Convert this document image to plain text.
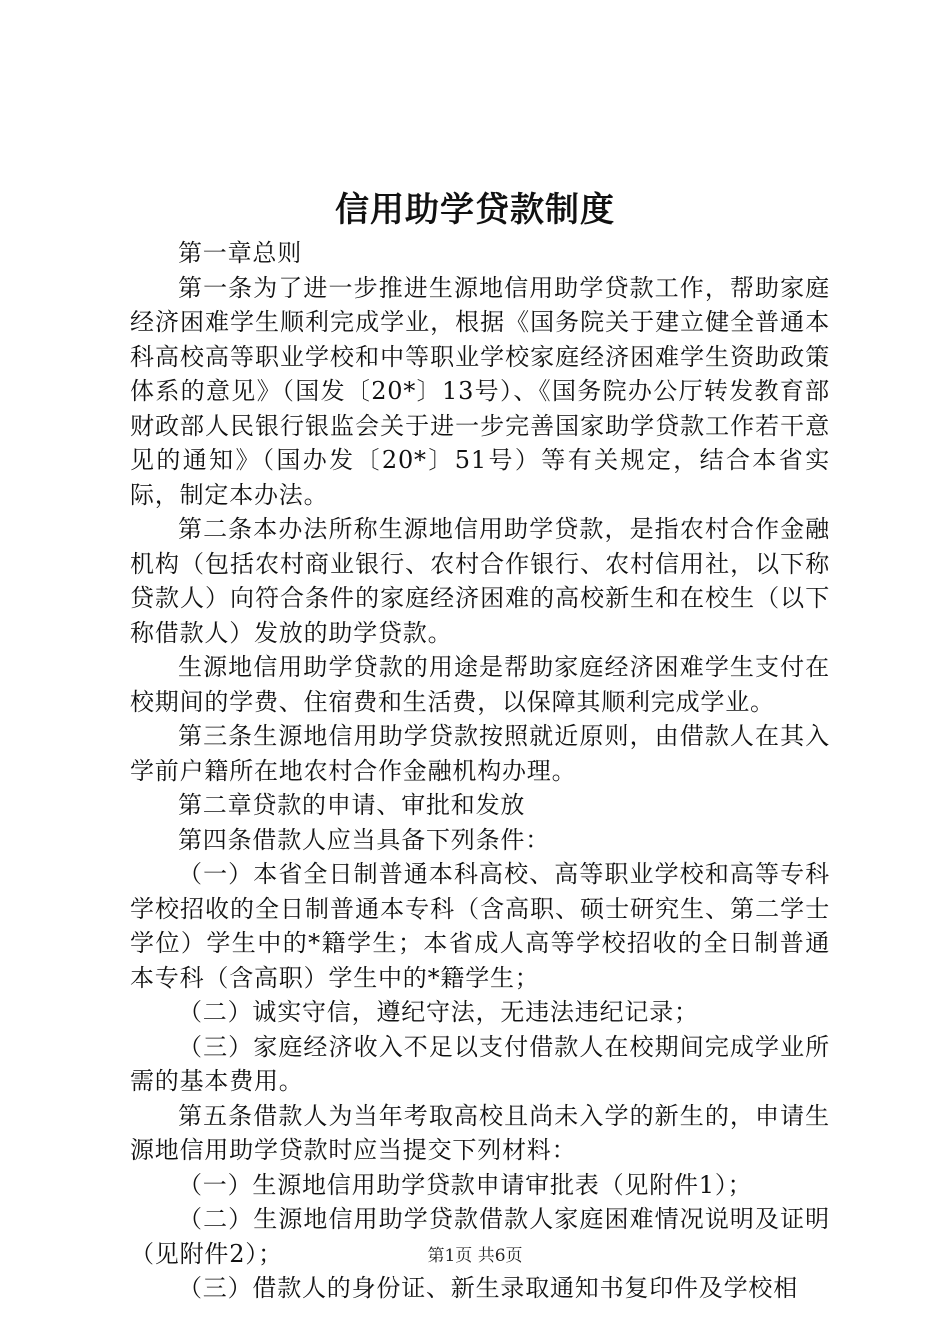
信用助学贷款制度

第一章总则

第一条为了进一步推进生源地信用助学贷款工作，帮助家庭经济困难学生顺利完成学业，根据《国务院关于建立健全普通本科高校高等职业学校和中等职业学校家庭经济困难学生资助政策体系的意见》（国发〔20*〕13号）、《国务院办公厅转发教育部财政部人民银行银监会关于进一步完善国家助学贷款工作若干意见的通知》（国办发〔20*〕51号）等有关规定，结合本省实际，制定本办法。

第二条本办法所称生源地信用助学贷款，是指农村合作金融机构（包括农村商业银行、农村合作银行、农村信用社，以下称贷款人）向符合条件的家庭经济困难的高校新生和在校生（以下称借款人）发放的助学贷款。

生源地信用助学贷款的用途是帮助家庭经济困难学生支付在校期间的学费、住宿费和生活费，以保障其顺利完成学业。

第三条生源地信用助学贷款按照就近原则，由借款人在其入学前户籍所在地农村合作金融机构办理。

第二章贷款的申请、审批和发放

第四条借款人应当具备下列条件：

（一）本省全日制普通本科高校、高等职业学校和高等专科学校招收的全日制普通本专科（含高职、硕士研究生、第二学士学位）学生中的*籍学生；本省成人高等学校招收的全日制普通本专科（含高职）学生中的*籍学生；

（二）诚实守信，遵纪守法，无违法违纪记录；

（三）家庭经济收入不足以支付借款人在校期间完成学业所需的基本费用。

第五条借款人为当年考取高校且尚未入学的新生的，申请生源地信用助学贷款时应当提交下列材料：

（一）生源地信用助学贷款申请审批表（见附件1）；

（二）生源地信用助学贷款借款人家庭困难情况说明及证明（见附件2）；

（三）借款人的身份证、新生录取通知书复印件及学校相

第1页 共6页
